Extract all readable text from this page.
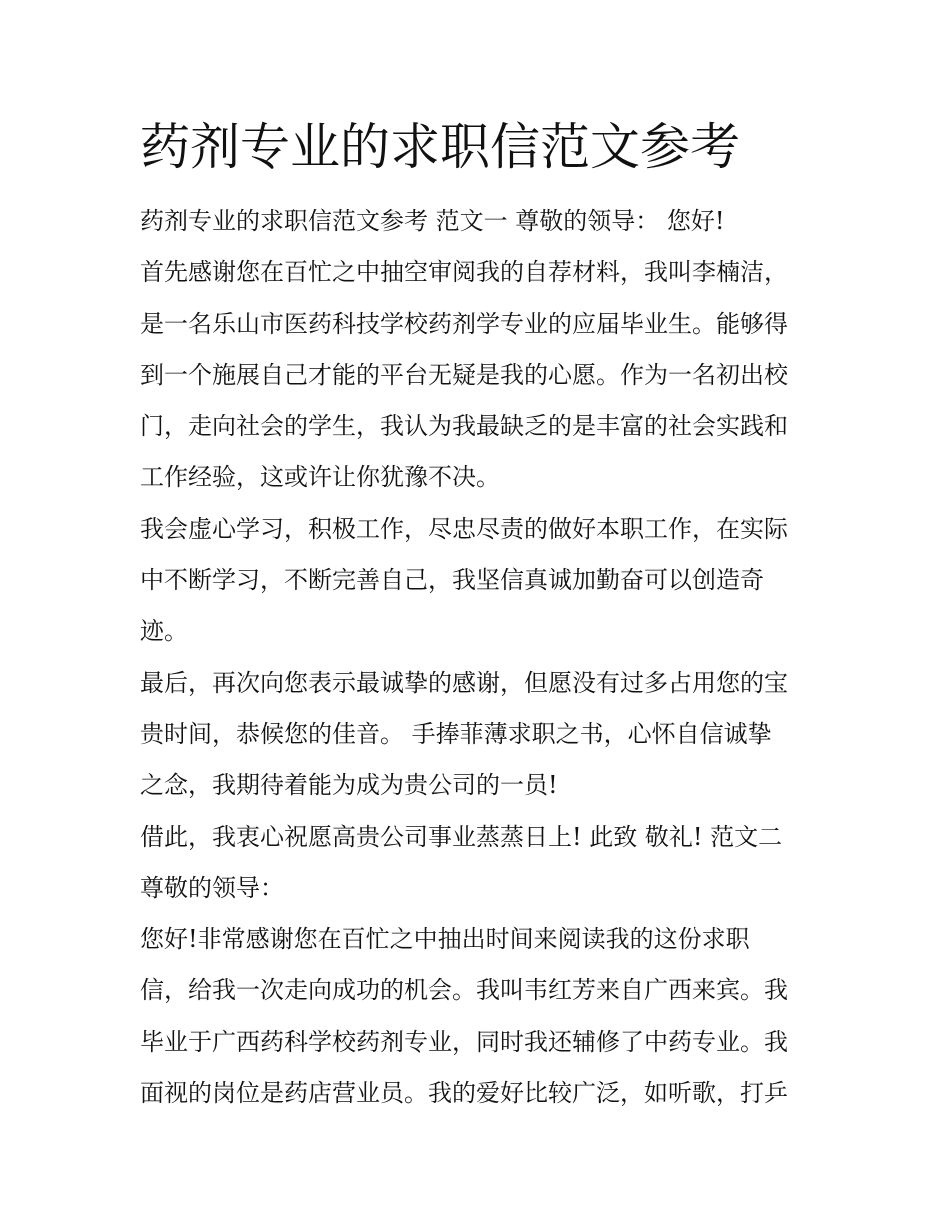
药剂专业的求职信范文参考
药剂专业的求职信范文参考 范文一 尊敬的领导： 您好!
首先感谢您在百忙之中抽空审阅我的自荐材料，我叫李楠洁，
是一名乐山市医药科技学校药剂学专业的应届毕业生。能够得
到一个施展自己才能的平台无疑是我的心愿。作为一名初出校
门，走向社会的学生，我认为我最缺乏的是丰富的社会实践和
工作经验，这或许让你犹豫不决。
我会虚心学习，积极工作，尽忠尽责的做好本职工作，在实际
中不断学习，不断完善自己，我坚信真诚加勤奋可以创造奇
迹。
最后，再次向您表示最诚挚的感谢，但愿没有过多占用您的宝
贵时间，恭候您的佳音。 手捧菲薄求职之书，心怀自信诚挚
之念，我期待着能为成为贵公司的一员!
借此，我衷心祝愿高贵公司事业蒸蒸日上! 此致 敬礼! 范文二
尊敬的领导：
您好!非常感谢您在百忙之中抽出时间来阅读我的这份求职
信，给我一次走向成功的机会。我叫韦红芳来自广西来宾。我
毕业于广西药科学校药剂专业，同时我还辅修了中药专业。我
面视的岗位是药店营业员。我的爱好比较广泛，如听歌，打乒
